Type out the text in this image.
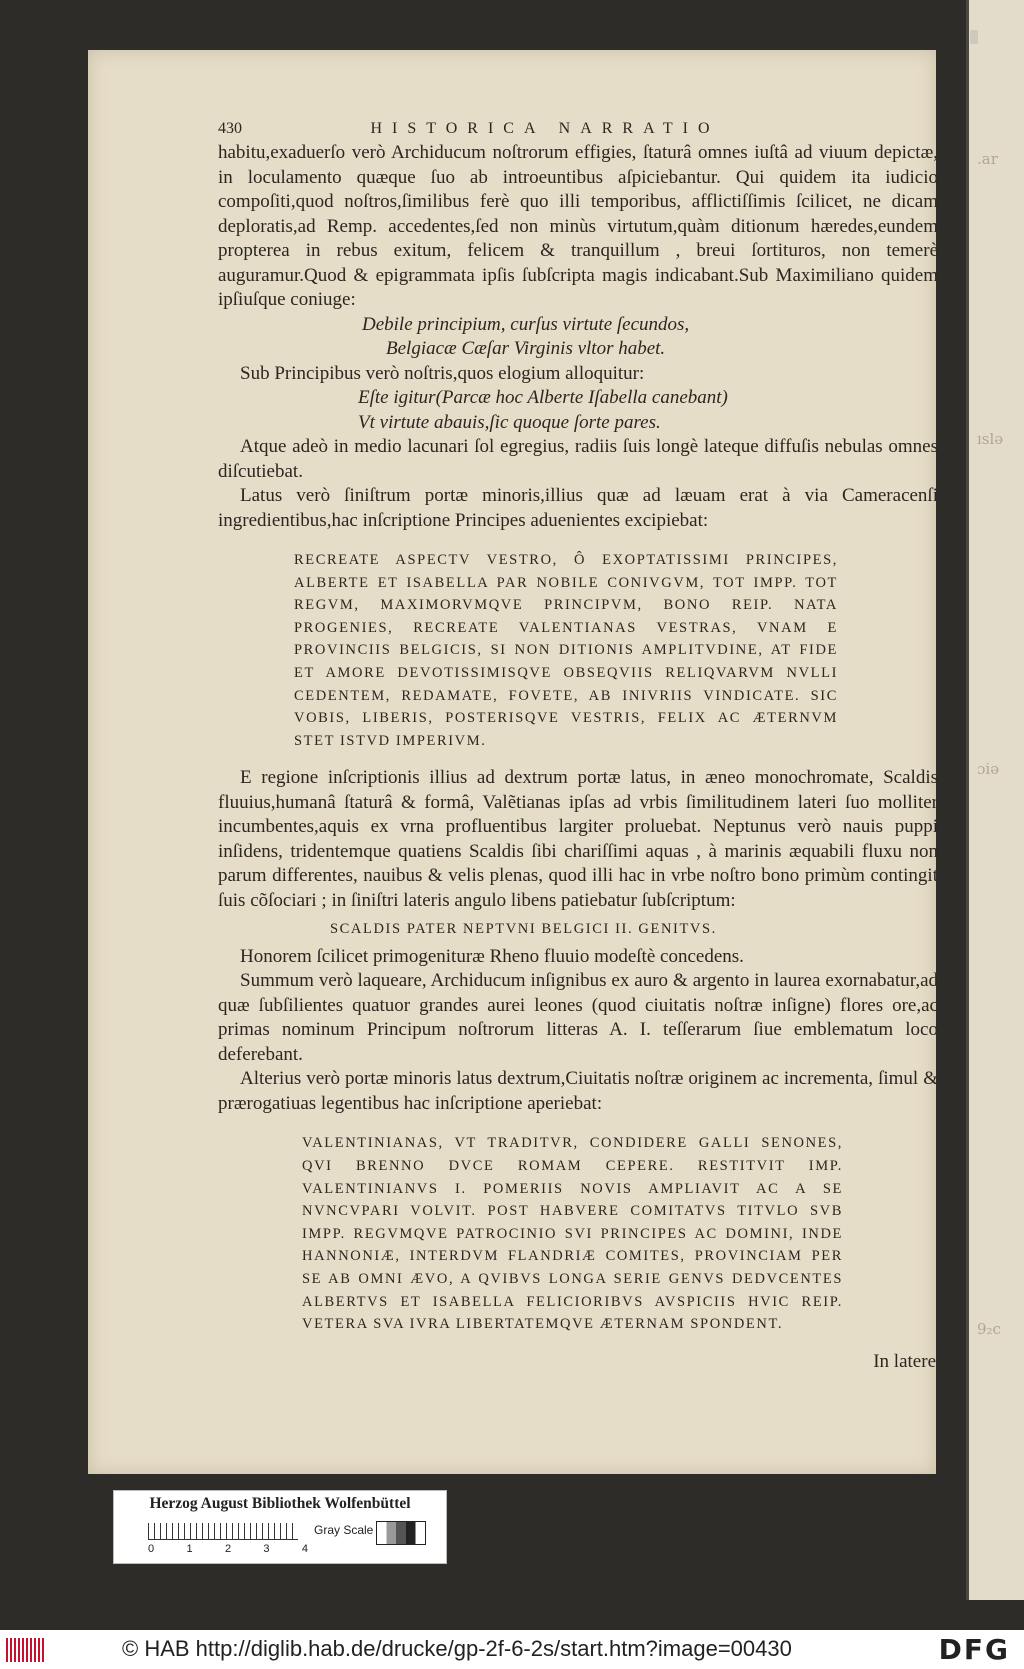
.ar
ıslə
ɔiə
9₂c
430	HISTORICA NARRATIO

habitu,exaduerſo verò Archiducum noſtrorum effigies, ſtaturâ omnes iuſtâ ad viuum depictæ, in loculamento quæque ſuo ab introeuntibus aſpiciebantur. Qui quidem ita iudicio compoſiti,quod noſtros,ſimilibus ferè quo illi temporibus, afflictiſſimis ſcilicet, ne dicam deploratis,ad Remp. accedentes,ſed non minùs virtutum,quàm ditionum hæredes,eundem propterea in rebus exitum, felicem & tranquillum , breui ſortituros, non temerè auguramur.Quod & epigrammata ipſis ſubſcripta magis indicabant.Sub Maximiliano quidem ipſiuſque coniuge:

Debile principium, curſus virtute ſecundos,
Belgiacæ Cæſar Virginis vltor habet.

Sub Principibus verò noſtris,quos elogium alloquitur:

Eſte igitur(Parcæ hoc Alberte Iſabella canebant)
Vt virtute abauis,ſic quoque ſorte pares.

Atque adeò in medio lacunari ſol egregius, radiis ſuis longè lateque diffuſis nebulas omnes diſcutiebat.

Latus verò ſiniſtrum portæ minoris,illius quæ ad læuam erat à via Cameracenſi ingredientibus,hac inſcriptione Principes aduenientes excipiebat:

RECREATE ASPECTV VESTRO, Ô EXOPTATISSIMI PRINCIPES, ALBERTE ET ISABELLA PAR NOBILE CONIVGVM, TOT IMPP. TOT REGVM, MAXIMORVMQVE PRINCIPVM, BONO REIP. NATA PROGENIES, RECREATE VALENTIANAS VESTRAS, VNAM E PROVINCIIS BELGICIS, SI NON DITIONIS AMPLITVDINE, AT FIDE ET AMORE DEVOTISSIMISQVE OBSEQVIIS RELIQVARVM NVLLI CEDENTEM, REDAMATE, FOVETE, AB INIVRIIS VINDICATE. SIC VOBIS, LIBERIS, POSTERISQVE VESTRIS, FELIX AC ÆTERNVM STET ISTVD IMPERIVM.

E regione inſcriptionis illius ad dextrum portæ latus, in æneo monochromate, Scaldis fluuius,humanâ ſtaturâ & formâ, Valẽtianas ipſas ad vrbis ſimilitudinem lateri ſuo molliter incumbentes,aquis ex vrna profluentibus largiter proluebat. Neptunus verò nauis puppi inſidens, tridentemque quatiens Scaldis ſibi chariſſimi aquas , à marinis æquabili fluxu non parum differentes, nauibus & velis plenas, quod illi hac in vrbe noſtro bono primùm contingit ſuis cõſociari ; in ſiniſtri lateris angulo libens patiebatur ſubſcriptum:

SCALDIS PATER NEPTVNI BELGICI II. GENITVS.

Honorem ſcilicet primogenituræ Rheno fluuio modeſtè concedens.

Summum verò laqueare, Archiducum inſignibus ex auro & argento in laurea exornabatur,ad quæ ſubſilientes quatuor grandes aurei leones (quod ciuitatis noſtræ inſigne) flores ore,ac primas nominum Principum noſtrorum litteras A. I. teſſerarum ſiue emblematum loco deferebant.

Alterius verò portæ minoris latus dextrum,Ciuitatis noſtræ originem ac incrementa, ſimul & prærogatiuas legentibus hac inſcriptione aperiebat:

VALENTINIANAS, VT TRADITVR, CONDIDERE GALLI SENONES, QVI BRENNO DVCE ROMAM CEPERE. RESTITVIT IMP. VALENTINIANVS I. POMERIIS NOVIS AMPLIAVIT AC A SE NVNCVPARI VOLVIT. POST HABVERE COMITATVS TITVLO SVB IMPP. REGVMQVE PATROCINIO SVI PRINCIPES AC DOMINI, INDE HANNONIÆ, INTERDVM FLANDRIÆ COMITES, PROVINCIAM PER SE AB OMNI ÆVO, A QVIBVS LONGA SERIE GENVS DEDVCENTES ALBERTVS ET ISABELLA FELICIORIBVS AVSPICIIS HVIC REIP. VETERA SVA IVRA LIBERTATEMQVE ÆTERNAM SPONDENT.
In latere
Herzog August Bibliothek Wolfenbüttel
0	1	2	3	4
Gray Scale
© HAB http://diglib.hab.de/drucke/gp-2f-6-2s/start.htm?image=00430	DFG
